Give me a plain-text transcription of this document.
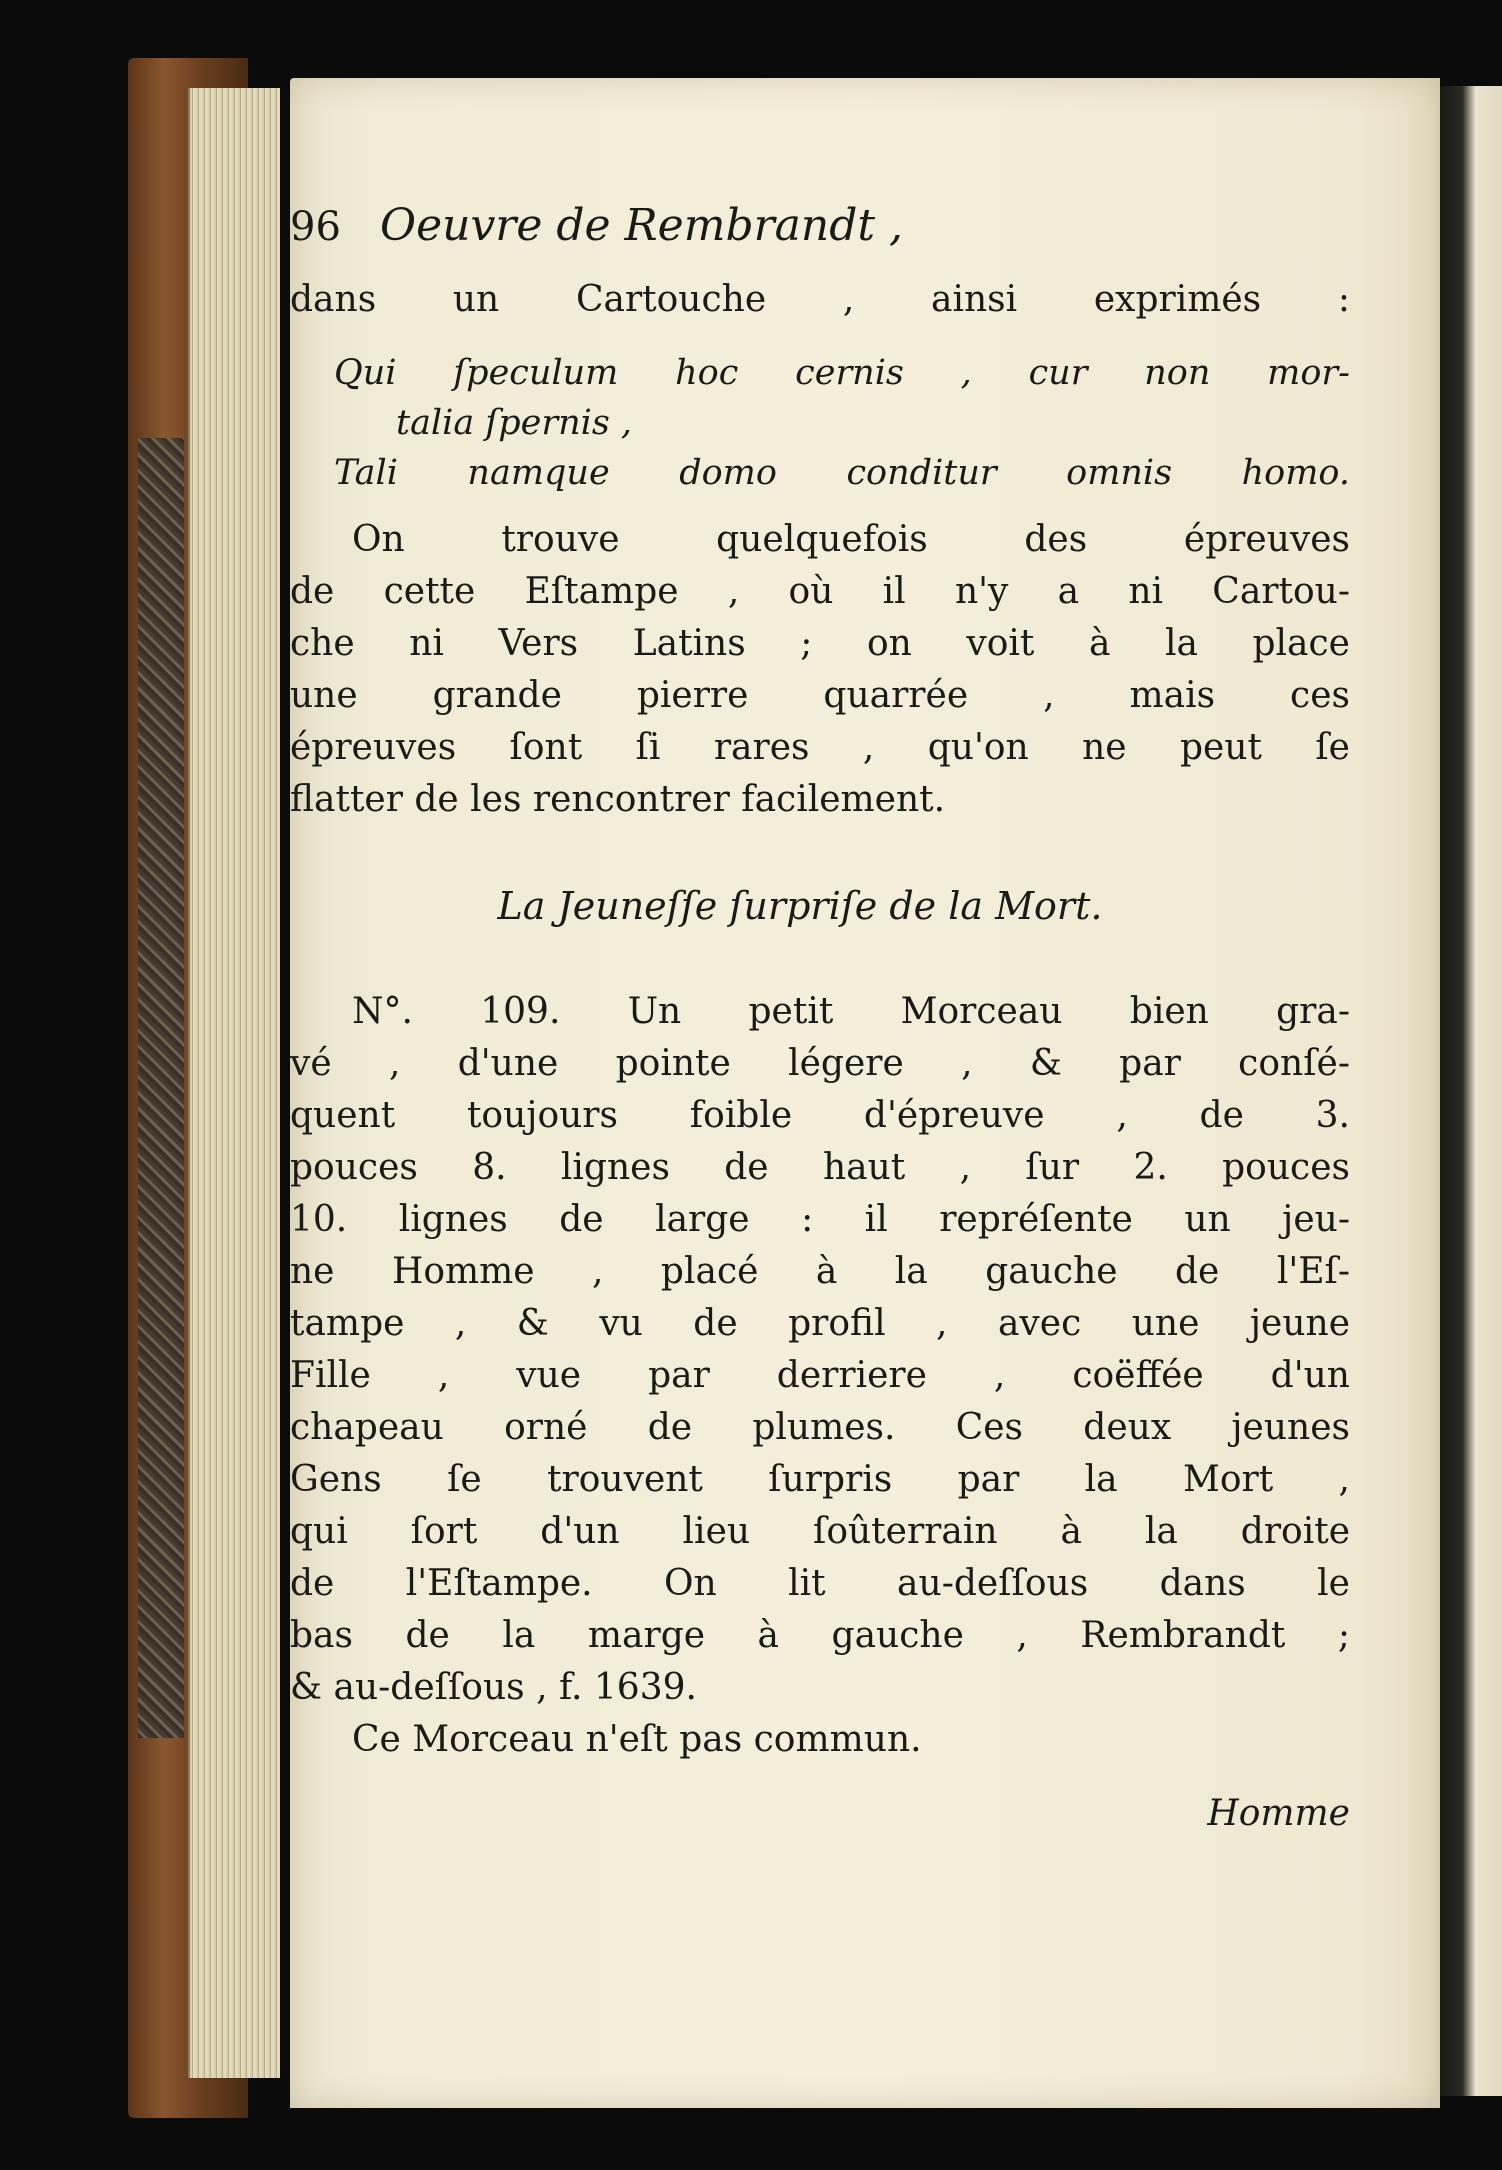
96 Oeuvre de Rembrandt ,
dans un Cartouche , ainsi exprimés :
Qui ſpeculum hoc cernis , cur non mor-
talia ſpernis ,
Tali namque domo conditur omnis homo.
On trouve quelquefois des épreuves
de cette Eſtampe , où il n'y a ni Cartou-
che ni Vers Latins ; on voit à la place
une grande pierre quarrée , mais ces
épreuves ſont ſi rares , qu'on ne peut ſe
flatter de les rencontrer facilement.
La Jeuneſſe ſurpriſe de la Mort.
N°. 109. Un petit Morceau bien gra-
vé , d'une pointe légere , & par conſé-
quent toujours foible d'épreuve , de 3.
pouces 8. lignes de haut , ſur 2. pouces
10. lignes de large : il repréſente un jeu-
ne Homme , placé à la gauche de l'Eſ-
tampe , & vu de profil , avec une jeune
Fille , vue par derriere , coëffée d'un
chapeau orné de plumes. Ces deux jeunes
Gens ſe trouvent ſurpris par la Mort ,
qui ſort d'un lieu ſoûterrain à la droite
de l'Eſtampe. On lit au-deſſous dans le
bas de la marge à gauche , Rembrandt ;
& au-deſſous , f. 1639.
Ce Morceau n'eſt pas commun.
Homme
